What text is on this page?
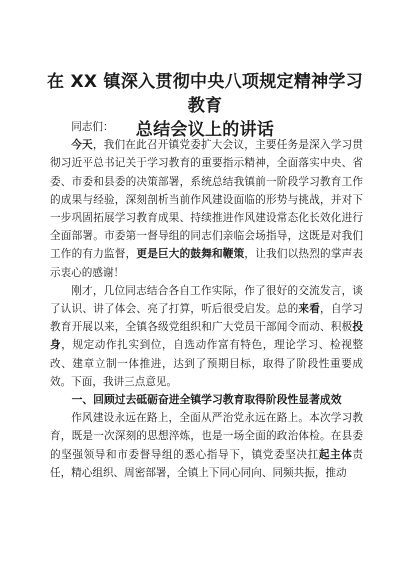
在 XX 镇深入贯彻中央八项规定精神学习教育
总结会议上的讲话

同志们：

今天，我们在此召开镇党委扩大会议，主要任务是深入学习贯彻习近平总书记关于学习教育的重要指示精神，全面落实中央、省委、市委和县委的决策部署，系统总结我镇前一阶段学习教育工作的成果与经验，深刻剖析当前作风建设面临的形势与挑战，并对下一步巩固拓展学习教育成果、持续推进作风建设常态化长效化进行全面部署。市委第一督导组的同志们亲临会场指导，这既是对我们工作的有力监督，更是巨大的鼓舞和鞭策，让我们以热烈的掌声表示衷心的感谢！

刚才，几位同志结合各自工作实际，作了很好的交流发言，谈了认识、讲了体会、亮了打算，听后很受启发。总的来看，自学习教育开展以来，全镇各级党组织和广大党员干部闻令而动、积极投身，规定动作扎实到位，自选动作富有特色，理论学习、检视整改、建章立制一体推进，达到了预期目标，取得了阶段性重要成效。下面，我讲三点意见。

一、回顾过去砥砺奋进全镇学习教育取得阶段性显著成效

作风建设永远在路上，全面从严治党永远在路上。本次学习教育，既是一次深刻的思想淬炼，也是一场全面的政治体检。在县委的坚强领导和市委督导组的悉心指导下，镇党委坚决扛起主体责任，精心组织、周密部署，全镇上下同心同向、同频共振，推动
